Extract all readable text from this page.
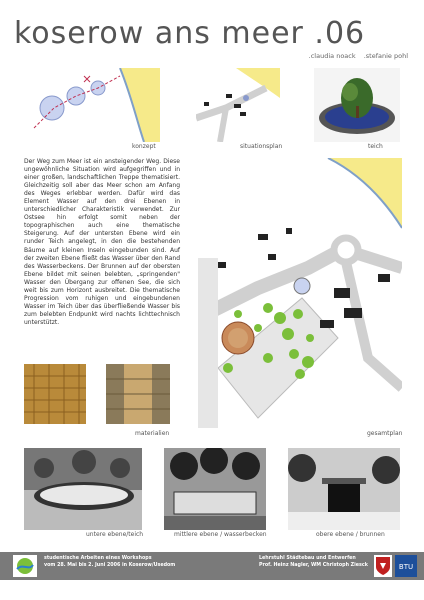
koserow ans meer .06
.claudia noack .stefanie pohl
konzept	situationsplan	teich
Der Weg zum Meer ist ein ansteigender Weg. Diese ungewöhnliche Situation wird aufgegriffen und in einer großen, landschaftlichen Treppe thematisiert. Gleichzeitig soll aber das Meer schon am Anfang des Weges erlebbar werden. Dafür wird das Element Wasser auf den drei Ebenen in unterschiedlicher Charakteristik verwendet. Zur Ostsee hin erfolgt somit neben der topographischen auch eine thematische Steigerung. Auf der untersten Ebene wird ein runder Teich angelegt, in den die bestehenden Bäume auf kleinen Inseln eingebunden sind. Auf der zweiten Ebene fließt das Wasser über den Rand des Wasserbeckens. Der Brunnen auf der obersten Ebene bildet mit seinen belebten, „springenden" Wasser den Übergang zur offenen See, die sich weit bis zum Horizont ausbreitet. Die thematische Progression vom ruhigen und eingebundenen Wasser im Teich über das überfließende Wasser bis zum belebten Endpunkt wird nachts lichttechnisch unterstützt.
gesamtplan
materialien
untere ebene/teich	mittlere ebene / wasserbecken	obere ebene / brunnen
studentische Arbeiten eines Workshops
vom 28. Mai bis 2. Juni 2006 in Koserow/Usedom
Lehrstuhl Städtebau und Entwerfen
Prof. Heinz Nagler, WM Christoph Ziesck	BTU
